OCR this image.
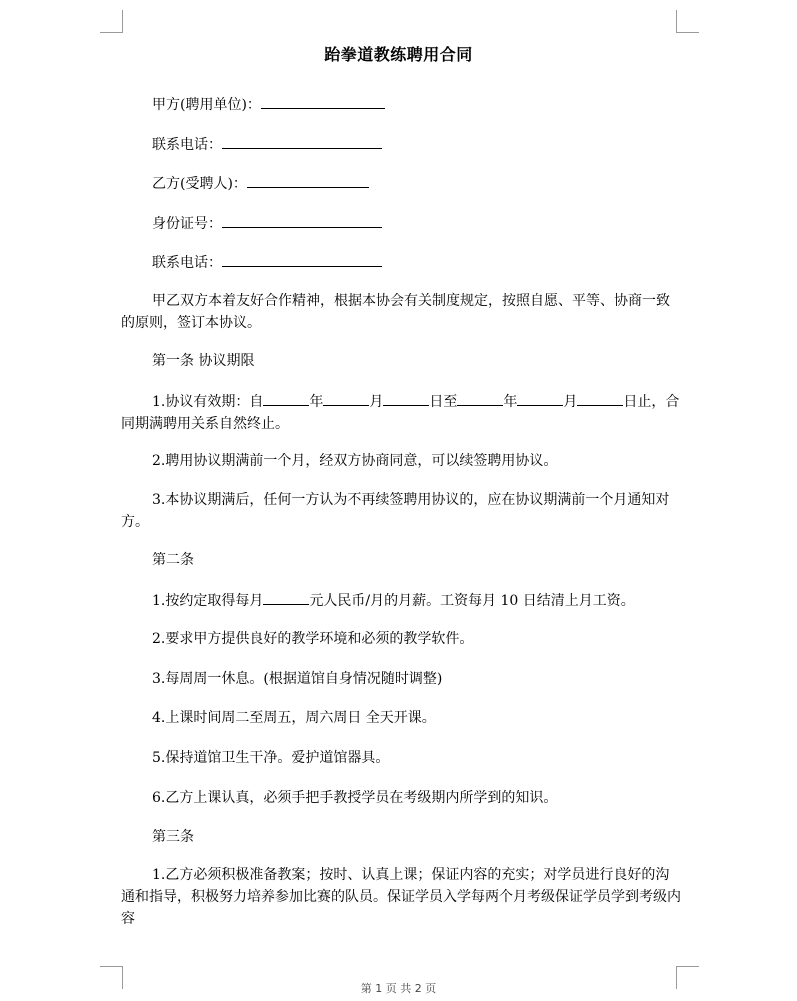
跆拳道教练聘用合同
甲方(聘用单位)：
联系电话：
乙方(受聘人)：
身份证号：
联系电话：
甲乙双方本着友好合作精神，根据本协会有关制度规定，按照自愿、平等、协商一致的原则，签订本协议。
第一条 协议期限
1.协议有效期：自	年	月	日至	年	月	日止，合同期满聘用关系自然终止。
2.聘用协议期满前一个月，经双方协商同意，可以续签聘用协议。
3.本协议期满后，任何一方认为不再续签聘用协议的，应在协议期满前一个月通知对方。
第二条
1.按约定取得每月	元人民币/月的月薪。工资每月 10 日结清上月工资。
2.要求甲方提供良好的教学环境和必须的教学软件。
3.每周周一休息。(根据道馆自身情况随时调整)
4.上课时间周二至周五，周六周日 全天开课。
5.保持道馆卫生干净。爱护道馆器具。
6.乙方上课认真，必须手把手教授学员在考级期内所学到的知识。
第三条
1.乙方必须积极准备教案；按时、认真上课；保证内容的充实；对学员进行良好的沟通和指导，积极努力培养参加比赛的队员。保证学员入学每两个月考级保证学员学到考级内容
第 1 页 共 2 页
